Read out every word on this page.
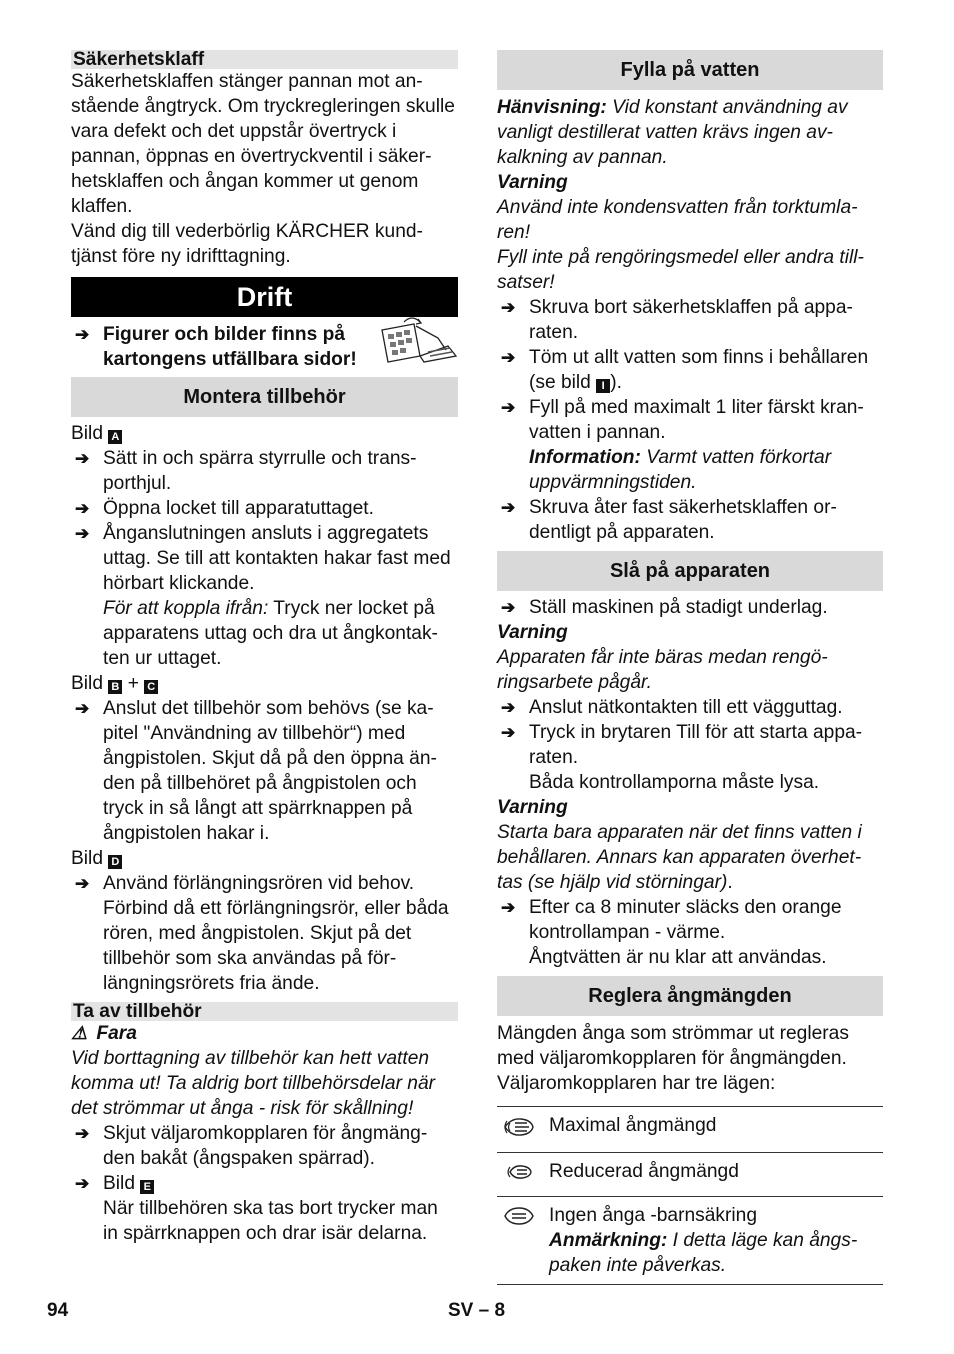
Säkerhetsklaff

Säkerhetsklaffen stänger pannan mot an-stående ångtryck. Om tryckregleringen skulle vara defekt och det uppstår övertryck i pannan, öppnas en övertryckventil i säker-hetsklaffen och ångan kommer ut genom klaffen.

Vänd dig till vederbörlig KÄRCHER kund-tjänst före ny idrifttagning.

Drift
➔ Figurer och bilder finns på kartongens utfällbara sidor!
Montera tillbehör

Bild A

➔ Sätt in och spärra styrrulle och trans-porthjul.
➔ Öppna locket till apparatuttaget.
➔ Ånganslutningen ansluts i aggregatets uttag. Se till att kontakten hakar fast med hörbart klickande.
För att koppla ifrån: Tryck ner locket på apparatens uttag och dra ut ångkontak-ten ur uttaget.

Bild B + C

➔ Anslut det tillbehör som behövs (se ka-pitel "Användning av tillbehör“) med ångpistolen. Skjut då på den öppna än-den på tillbehöret på ångpistolen och tryck in så långt att spärrknappen på ångpistolen hakar i.

Bild D

➔ Använd förlängningsrören vid behov. Förbind då ett förlängningsrör, eller båda rören, med ångpistolen. Skjut på det tillbehör som ska användas på för-längningsrörets fria ände.
Ta av tillbehör

⚠ Fara

Vid borttagning av tillbehör kan hett vatten komma ut! Ta aldrig bort tillbehörsdelar när det strömmar ut ånga - risk för skållning!

➔ Skjut väljaromkopplaren för ångmäng-den bakåt (ångspaken spärrad).
➔ Bild E
När tillbehören ska tas bort trycker man in spärrknappen och drar isär delarna.
Fylla på vatten

Hänvisning: Vid konstant användning av vanligt destillerat vatten krävs ingen av-kalkning av pannan.

Varning

Använd inte kondensvatten från torktumla-ren!

Fyll inte på rengöringsmedel eller andra till-satser!

➔ Skruva bort säkerhetsklaffen på appa-raten.
➔ Töm ut allt vatten som finns i behållaren (se bild I ).
➔ Fyll på med maximalt 1 liter färskt kran-vatten i pannan.
Information: Varmt vatten förkortar uppvärmningstiden.
➔ Skruva åter fast säkerhetsklaffen or-dentligt på apparaten.
Slå på apparaten
➔ Ställ maskinen på stadigt underlag.

Varning

Apparaten får inte bäras medan rengö-ringsarbete pågår.

➔ Anslut nätkontakten till ett vägguttag.
➔ Tryck in brytaren Till för att starta appa-raten.
Båda kontrollamporna måste lysa.

Varning

Starta bara apparaten när det finns vatten i behållaren. Annars kan apparaten överhet-tas (se hjälp vid störningar).

➔ Efter ca 8 minuter släcks den orange kontrollampan - värme.
Ångtvätten är nu klar att användas.
Reglera ångmängden

Mängden ånga som strömmar ut regleras med väljaromkopplaren för ångmängden. Väljaromkopplaren har tre lägen:

	Maximal ångmängd
	Reducerad ångmängd
	Ingen ånga -barnsäkring
Anmärkning: I detta läge kan ångs-paken inte påverkas.
94	SV – 8
